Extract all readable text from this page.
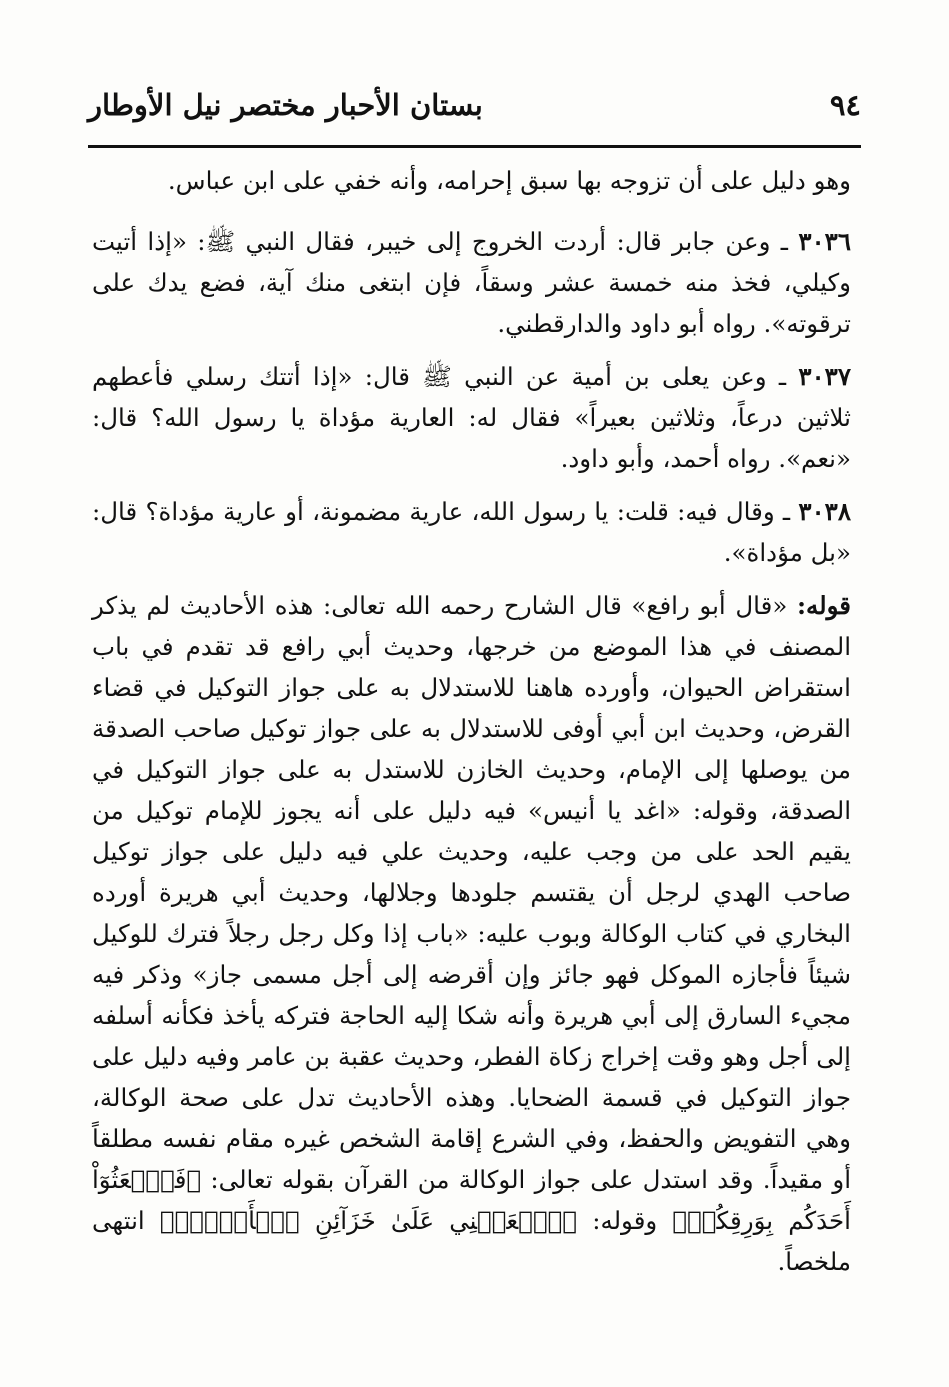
٩٤
بستان الأحبار مختصر نيل الأوطار

وهو دليل على أن تزوجه بها سبق إحرامه، وأنه خفي على ابن عباس.

٣٠٣٦ ـ وعن جابر قال: أردت الخروج إلى خيبر، فقال النبي ﷺ: «إذا أتيت وكيلي، فخذ منه خمسة عشر وسقاً، فإن ابتغى منك آية، فضع يدك على ترقوته». رواه أبو داود والدارقطني.

٣٠٣٧ ـ وعن يعلى بن أمية عن النبي ﷺ قال: «إذا أتتك رسلي فأعطهم ثلاثين درعاً، وثلاثين بعيراً» فقال له: العارية مؤداة يا رسول الله؟ قال: «نعم». رواه أحمد، وأبو داود.

٣٠٣٨ ـ وقال فيه: قلت: يا رسول الله، عارية مضمونة، أو عارية مؤداة؟ قال: «بل مؤداة».

قوله: «قال أبو رافع» قال الشارح رحمه الله تعالى: هذه الأحاديث لم يذكر المصنف في هذا الموضع من خرجها، وحديث أبي رافع قد تقدم في باب استقراض الحيوان، وأورده هاهنا للاستدلال به على جواز التوكيل في قضاء القرض، وحديث ابن أبي أوفى للاستدلال به على جواز توكيل صاحب الصدقة من يوصلها إلى الإمام، وحديث الخازن للاستدل به على جواز التوكيل في الصدقة، وقوله: «اغد يا أنيس» فيه دليل على أنه يجوز للإمام توكيل من يقيم الحد على من وجب عليه، وحديث علي فيه دليل على جواز توكيل صاحب الهدي لرجل أن يقتسم جلودها وجلالها، وحديث أبي هريرة أورده البخاري في كتاب الوكالة وبوب عليه: «باب إذا وكل رجل رجلاً فترك للوكيل شيئاً فأجازه الموكل فهو جائز وإن أقرضه إلى أجل مسمى جاز» وذكر فيه مجيء السارق إلى أبي هريرة وأنه شكا إليه الحاجة فتركه يأخذ فكأنه أسلفه إلى أجل وهو وقت إخراج زكاة الفطر، وحديث عقبة بن عامر وفيه دليل على جواز التوكيل في قسمة الضحايا. وهذه الأحاديث تدل على صحة الوكالة، وهي التفويض والحفظ، وفي الشرع إقامة الشخص غيره مقام نفسه مطلقاً أو مقيداً. وقد استدل على جواز الوكالة من القرآن بقوله تعالى: ﴿فَٱبۡعَثُوٓاْ أَحَدَكُم بِوَرِقِكُمۡ﴾ وقوله: ﴿ٱجۡعَلۡنِي عَلَىٰ خَزَآئِنِ ٱلۡأَرۡضِۖ﴾ انتهى ملخصاً.
